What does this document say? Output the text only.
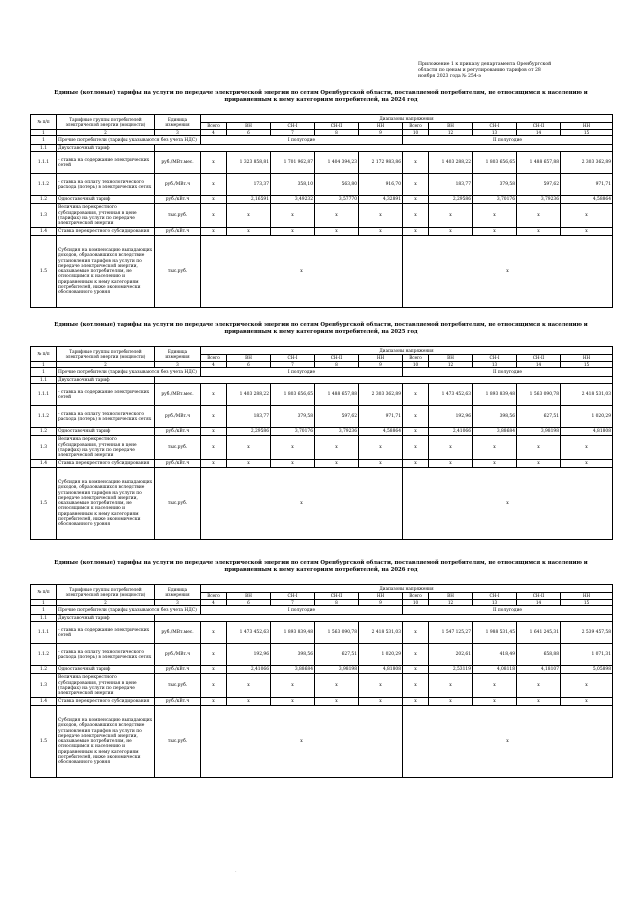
Приложение 1 к приказу департамента Оренбургской
области по ценам и регулированию тарифов от 28
ноября 2023 года № 254-э
Единые (котловые) тарифы на услуги по передаче электрической энергии по сетям Оренбургской области, поставляемой потребителям, не относящимся к населению и приравненным к нему категориям потребителей, на 2024 год
№ п/п	Тарифные группы потребителей электрической энергии (мощности)	Единица измерения	Диапазоны напряжения
Всего	ВН	СН-I	СН-II	НН	Всего	ВН	СН-I	СН-II	НН
1	2	3	4	6	7	8	9	10	12	13	14	15
1	Прочие потребители (тарифы указываются без учета НДС)	I полугодие	II полугодие
1.1	Двухставочный тариф	
1.1.1	- ставка на содержание электрических сетей	руб./МВт.мес.	х	1 323 858,81	1 701 962,87	1 404 394,23	2 172 983,86	х	1 403 288,22	1 803 656,65	1 488 657,88	2 303 362,89
1.1.2	- ставка на оплату технологического расхода (потерь) в электрических сетях	руб./МВт.ч	х	173,37	358,10	563,80	916,70	х	183,77	379,58	597,62	971,71
1.2	Одноставочный тариф	руб./кВт.ч	х	2,16591	3,49232	3,57770	4,32891	х	2,29586	3,70176	3,79236	4,58864
1.3	Величина перекрестного субсидирования, учтенная в цене (тарифах) на услуги по передаче электрической энергии	тыс.руб.	х	х	х	х	х	х	х	х	х	х
1.4	Ставка перекрестного субсидирования	руб./кВт.ч	х	х	х	х	х	х	х	х	х	х
1.5	Субсидия на компенсацию выпадающих доходов, образовавшихся вследствие установления тарифов на услуги по передаче электрической энергии, оказываемые потребителям, не относящимся к населению и приравненным к нему категориям потребителей, ниже экономически обоснованного уровня	тыс.руб.	х	х
Единые (котловые) тарифы на услуги по передаче электрической энергии по сетям Оренбургской области, поставляемой потребителям, не относящимся к населению и приравненным к нему категориям потребителей, на 2025 год
№ п/п	Тарифные группы потребителей электрической энергии (мощности)	Единица измерения	Диапазоны напряжения
Всего	ВН	СН-I	СН-II	НН	Всего	ВН	СН-I	СН-II	НН
1	2	3	4	6	7	8	9	10	12	13	14	15
1	Прочие потребители (тарифы указываются без учета НДС)	I полугодие	II полугодие
1.1	Двухставочный тариф	
1.1.1	- ставка на содержание электрических сетей	руб./МВт.мес.	х	1 403 288,22	1 803 656,65	1 488 657,88	2 303 362,89	х	1 473 452,63	1 893 839,48	1 563 090,78	2 418 531,03
1.1.2	- ставка на оплату технологического расхода (потерь) в электрических сетях	руб./МВт.ч	х	183,77	379,58	597,62	971,71	х	192,96	398,56	627,51	1 020,29
1.2	Одноставочный тариф	руб./кВт.ч	х	2,29586	3,70176	3,79236	4,58864	х	2,41066	3,88684	3,98198	4,81808
1.3	Величина перекрестного субсидирования, учтенная в цене (тарифах) на услуги по передаче электрической энергии	тыс.руб.	х	х	х	х	х	х	х	х	х	х
1.4	Ставка перекрестного субсидирования	руб./кВт.ч	х	х	х	х	х	х	х	х	х	х
1.5	Субсидия на компенсацию выпадающих доходов, образовавшихся вследствие установления тарифов на услуги по передаче электрической энергии, оказываемые потребителям, не относящимся к населению и приравненным к нему категориям потребителей, ниже экономически обоснованного уровня	тыс.руб.	х	х
Единые (котловые) тарифы на услуги по передаче электрической энергии по сетям Оренбургской области, поставляемой потребителям, не относящимся к населению и приравненным к нему категориям потребителей, на 2026 год
№ п/п	Тарифные группы потребителей электрической энергии (мощности)	Единица измерения	Диапазоны напряжения
Всего	ВН	СН-I	СН-II	НН	Всего	ВН	СН-I	СН-II	НН
1	2	3	4	6	7	8	9	10	12	13	14	15
1	Прочие потребители (тарифы указываются без учета НДС)	I полугодие	II полугодие
1.1	Двухставочный тариф	
1.1.1	- ставка на содержание электрических сетей	руб./МВт.мес.	х	1 473 452,63	1 893 839,48	1 563 090,78	2 418 531,03	х	1 547 125,27	1 988 531,45	1 641 245,31	2 539 457,58
1.1.2	- ставка на оплату технологического расхода (потерь) в электрических сетях	руб./МВт.ч	х	192,96	398,56	627,51	1 020,29	х	202,61	418,49	658,88	1 071,31
1.2	Одноставочный тариф	руб./кВт.ч	х	2,41066	3,88684	3,98198	4,81808	х	2,53119	4,08118	4,18107	5,05898
1.3	Величина перекрестного субсидирования, учтенная в цене (тарифах) на услуги по передаче электрической энергии	тыс.руб.	х	х	х	х	х	х	х	х	х	х
1.4	Ставка перекрестного субсидирования	руб./кВт.ч	х	х	х	х	х	х	х	х	х	х
1.5	Субсидия на компенсацию выпадающих доходов, образовавшихся вследствие установления тарифов на услуги по передаче электрической энергии, оказываемые потребителям, не относящимся к населению и приравненным к нему категориям потребителей, ниже экономически обоснованного уровня	тыс.руб.	х	х
.
